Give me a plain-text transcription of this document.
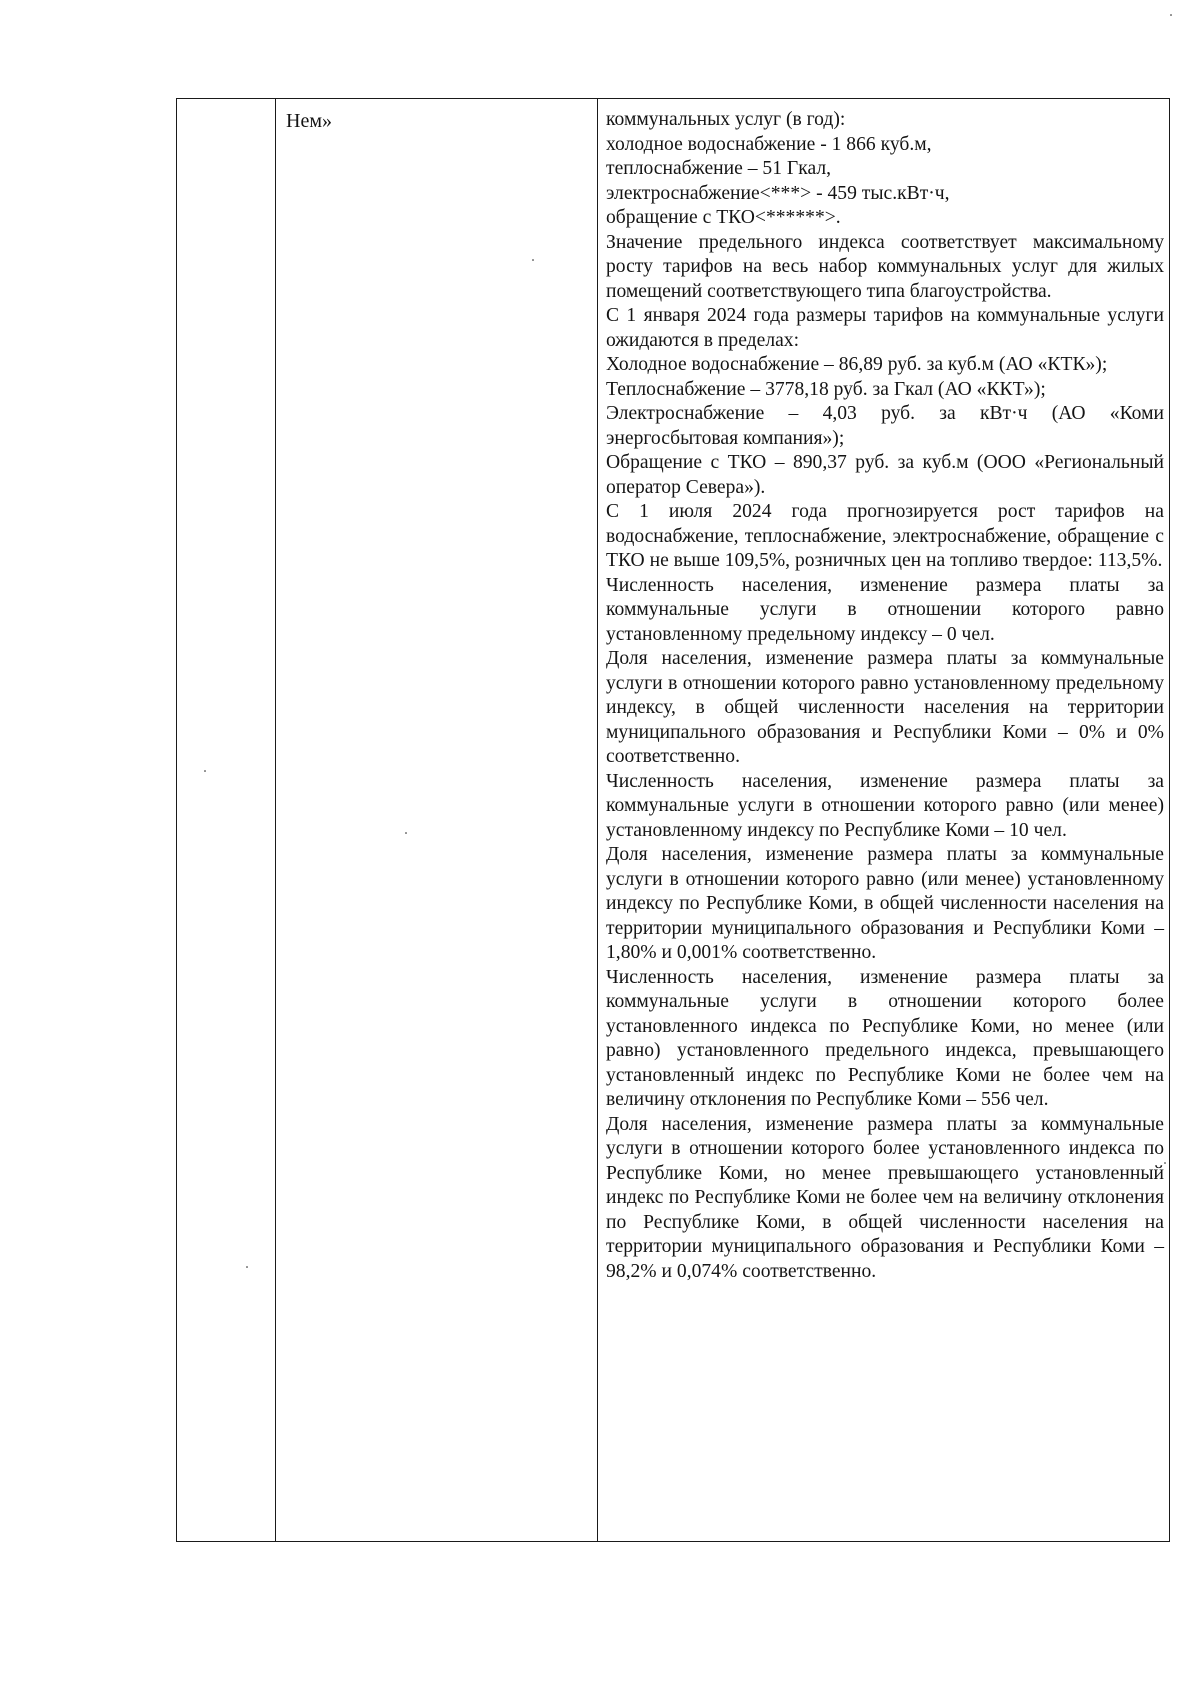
Нем»	коммунальных услуг (в год):

холодное водоснабжение - 1 866 куб.м,

теплоснабжение – 51 Гкал,

электроснабжение<***> - 459 тыс.кВт·ч,

обращение с ТКО<******>.

Значение предельного индекса соответствует максимальному росту тарифов на весь набор коммунальных услуг для жилых помещений соответствующего типа благоустройства.

С 1 января 2024 года размеры тарифов на коммунальные услуги ожидаются в пределах:

Холодное водоснабжение – 86,89 руб. за куб.м (АО «КТК»);

Теплоснабжение – 3778,18 руб. за Гкал (АО «ККТ»);

Электроснабжение – 4,03 руб. за кВт·ч (АО «Коми энергосбытовая компания»);

Обращение с ТКО – 890,37 руб. за куб.м (ООО «Региональный оператор Севера»).

С 1 июля 2024 года прогнозируется рост тарифов на водоснабжение, теплоснабжение, электроснабжение, обращение с ТКО не выше 109,5%, розничных цен на топливо твердое: 113,5%.

Численность населения, изменение размера платы за коммунальные услуги в отношении которого равно установленному предельному индексу – 0 чел.

Доля населения, изменение размера платы за коммунальные услуги в отношении которого равно установленному предельному индексу, в общей численности населения на территории муниципального образования и Республики Коми – 0% и 0% соответственно.

Численность населения, изменение размера платы за коммунальные услуги в отношении которого равно (или менее) установленному индексу по Республике Коми – 10 чел.

Доля населения, изменение размера платы за коммунальные услуги в отношении которого равно (или менее) установленному индексу по Республике Коми, в общей численности населения на территории муниципального образования и Республики Коми – 1,80% и 0,001% соответственно.

Численность населения, изменение размера платы за коммунальные услуги в отношении которого более установленного индекса по Республике Коми, но менее (или равно) установленного предельного индекса, превышающего установленный индекс по Республике Коми не более чем на величину отклонения по Республике Коми – 556 чел.

Доля населения, изменение размера платы за коммунальные услуги в отношении которого более установленного индекса по Республике Коми, но менее превышающего установленный индекс по Республике Коми не более чем на величину отклонения по Республике Коми, в общей численности населения на территории муниципального образования и Республики Коми – 98,2% и 0,074% соответственно.
